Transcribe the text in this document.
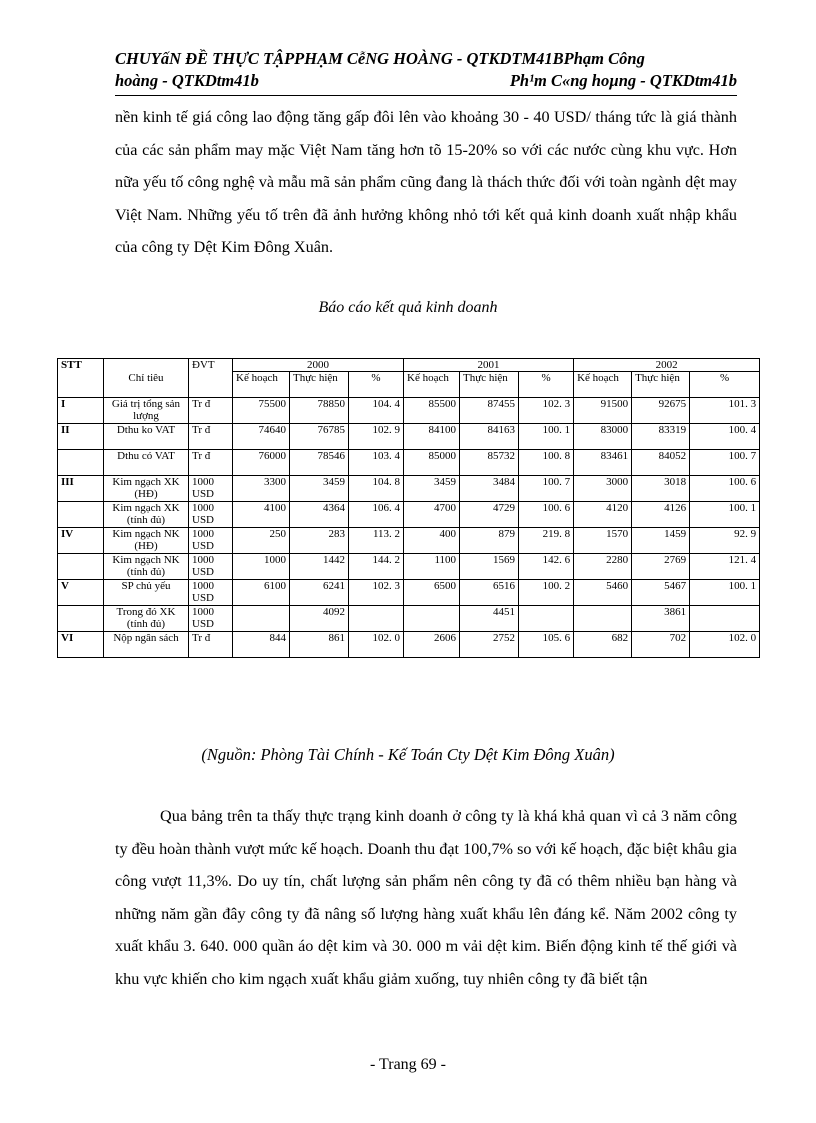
CHUYấN ĐỀ THỰC TẬPPHẠM CễNG HOÀNG - QTKDTM41BPhạm Công
hoàng - QTKDtm41b	Ph¹m C«ng hoµng - QTKDtm41b

nền kinh tế giá công lao động tăng gấp đôi lên vào khoảng 30 - 40 USD/ tháng tức là giá thành của các sản phẩm may mặc Việt Nam tăng hơn tõ 15-20% so với các nước cùng khu vực. Hơn nữa yếu tố công nghệ và mẫu mã sản phẩm cũng đang là thách thức đối với toàn ngành dệt may Việt Nam. Những yếu tố trên đã ảnh hưởng không nhỏ tới kết quả kinh doanh xuất nhập khẩu của công ty Dệt Kim Đông Xuân.

Báo cáo kết quả kinh doanh
STT	Chỉ tiêu	ĐVT	2000			2001			2002		
			Kế hoạch	Thực hiện	%	Kế hoạch	Thực hiện	%	Kế hoạch	Thực hiện	%
I	Giá trị tổng sản lượng	Tr đ	75500	78850	104. 4	85500	87455	102. 3	91500	92675	101. 3
II	Dthu ko VAT	Tr đ	74640	76785	102. 9	84100	84163	100. 1	83000	83319	100. 4
	Dthu có VAT	Tr đ	76000	78546	103. 4	85000	85732	100. 8	83461	84052	100. 7
III	Kim ngạch XK (HĐ)	1000 USD	3300	3459	104. 8	3459	3484	100. 7	3000	3018	100. 6
	Kim ngạch XK (tính đủ)	1000 USD	4100	4364	106. 4	4700	4729	100. 6	4120	4126	100. 1
IV	Kim ngạch NK (HĐ)	1000 USD	250	283	113. 2	400	879	219. 8	1570	1459	92. 9
	Kim ngạch NK (tính đủ)	1000 USD	1000	1442	144. 2	1100	1569	142. 6	2280	2769	121. 4
V	SP chủ yếu	1000 USD	6100	6241	102. 3	6500	6516	100. 2	5460	5467	100. 1
	Trong đó XK (tính đủ)	1000 USD		4092			4451			3861	
VI	Nộp ngân sách	Tr đ	844	861	102. 0	2606	2752	105. 6	682	702	102. 0
(Nguồn: Phòng Tài Chính - Kế Toán Cty Dệt Kim Đông Xuân)

Qua bảng trên ta thấy thực trạng kinh doanh ở công ty là khá khả quan vì cả 3 năm công ty đều hoàn thành vượt mức kế hoạch. Doanh thu đạt 100,7% so với kế hoạch, đặc biệt khâu gia công vượt 11,3%. Do uy tín, chất lượng sản phẩm nên công ty đã có thêm nhiều bạn hàng và những năm gần đây công ty đã nâng số lượng hàng xuất khẩu lên đáng kể. Năm 2002 công ty xuất khẩu 3. 640. 000 quần áo dệt kim và 30. 000 m vải dệt kim. Biến động kinh tế thế giới và khu vực khiến cho kim ngạch xuất khẩu giảm xuống, tuy nhiên công ty đã biết tận

- Trang 69 -
